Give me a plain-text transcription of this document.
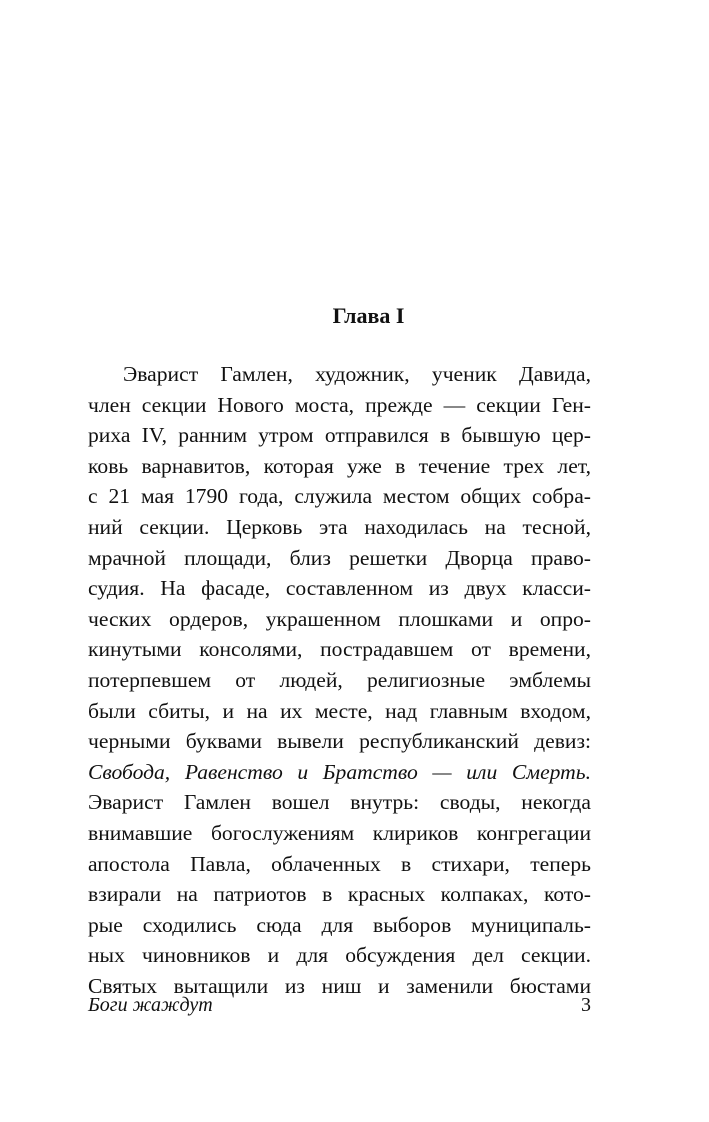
Глава I
Эварист Гамлен, художник, ученик Давида,
член секции Нового моста, прежде — секции Ген-
риха IV, ранним утром отправился в бывшую цер-
ковь варнавитов, которая уже в течение трех лет,
с 21 мая 1790 года, служила местом общих собра-
ний секции. Церковь эта находилась на тесной,
мрачной площади, близ решетки Дворца право-
судия. На фасаде, составленном из двух класси-
ческих ордеров, украшенном плошками и опро-
кинутыми консолями, пострадавшем от времени,
потерпевшем от людей, религиозные эмблемы
были сбиты, и на их месте, над главным входом,
черными буквами вывели республиканский девиз:
Свобода, Равенство и Братство — или Смерть.
Эварист Гамлен вошел внутрь: своды, некогда
внимавшие богослужениям клириков конгрегации
апостола Павла, облаченных в стихари, теперь
взирали на патриотов в красных колпаках, кото-
рые сходились сюда для выборов муниципаль-
ных чиновников и для обсуждения дел секции.
Святых вытащили из ниш и заменили бюстами
Боги жаждут	3
